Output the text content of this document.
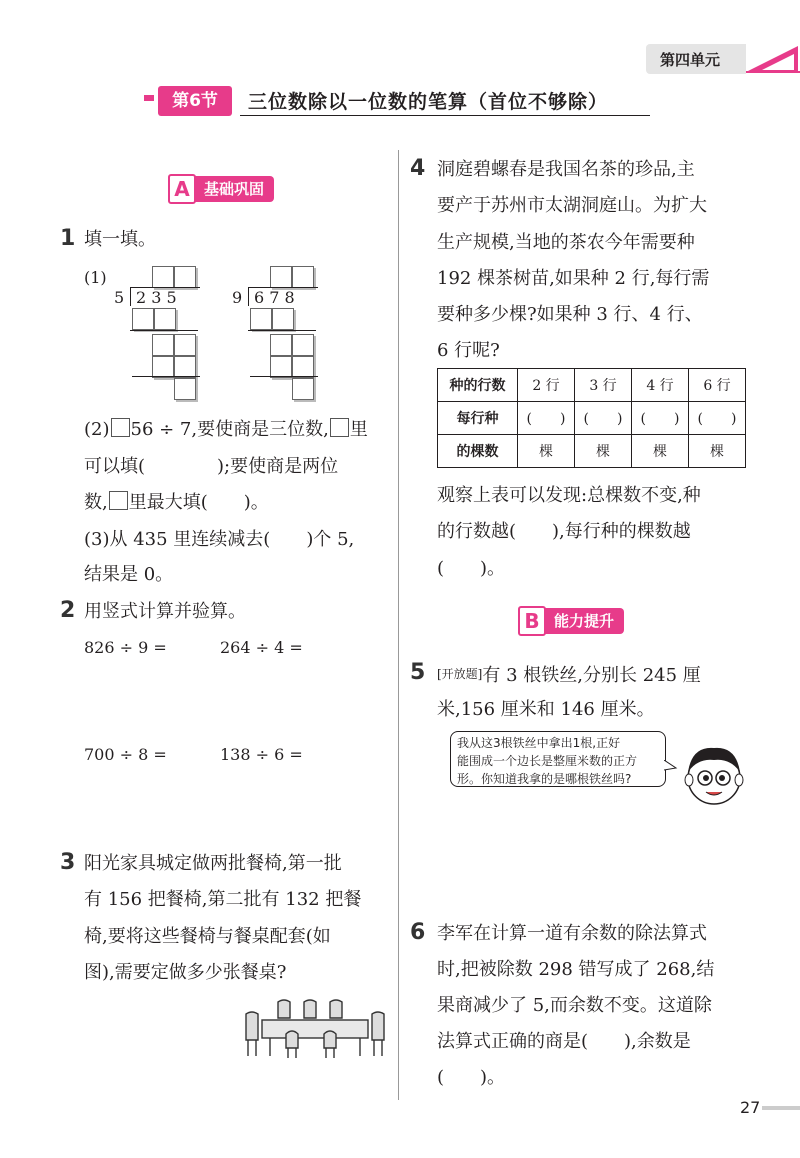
第四单元
第6节	三位数除以一位数的笔算（首位不够除）
A 基础巩固
1 填一填。
(1)
5 2 3 5	9 6 7 8
(2) 56 ÷ 7,要使商是三位数, 里
可以填(　　　　);要使商是两位
数, 里最大填(　　)。
(3)从 435 里连续减去(　　)个 5,
结果是 0。
2 用竖式计算并验算。
826 ÷ 9 =	264 ÷ 4 =
700 ÷ 8 =	138 ÷ 6 =
3 阳光家具城定做两批餐椅,第一批
有 156 把餐椅,第二批有 132 把餐
椅,要将这些餐椅与餐桌配套(如
图),需要定做多少张餐桌?
4 洞庭碧螺春是我国名茶的珍品,主
要产于苏州市太湖洞庭山。为扩大
生产规模,当地的茶农今年需要种
192 棵茶树苗,如果种 2 行,每行需
要种多少棵?如果种 3 行、4 行、
6 行呢?
种的行数	2 行	3 行	4 行	6 行
每行种	(　　)	(　　)	(　　)	(　　)
的棵数	棵	棵	棵	棵
观察上表可以发现:总棵数不变,种
的行数越(　　),每行种的棵数越
(　　)。
B 能力提升
5 [开放题]有 3 根铁丝,分别长 245 厘
米,156 厘米和 146 厘米。
我从这3根铁丝中拿出1根,正好
能围成一个边长是整厘米数的正方
形。你知道我拿的是哪根铁丝吗?
6 李军在计算一道有余数的除法算式
时,把被除数 298 错写成了 268,结
果商减少了 5,而余数不变。这道除
法算式正确的商是(　　),余数是
(　　)。
27
